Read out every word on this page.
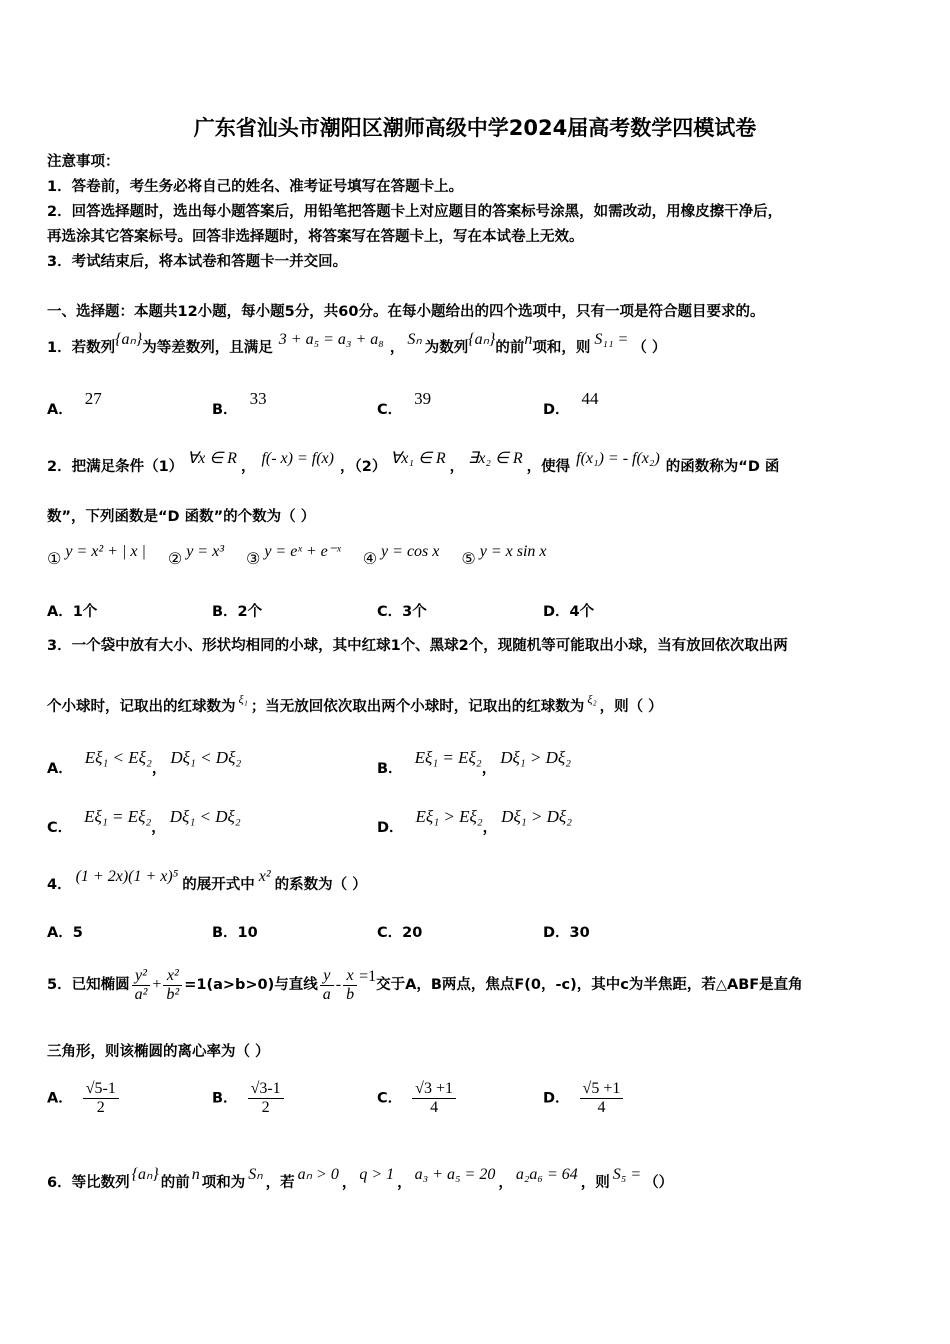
广东省汕头市潮阳区潮师高级中学2024届高考数学四模试卷
注意事项：
1．答卷前，考生务必将自己的姓名、准考证号填写在答题卡上。
2．回答选择题时，选出每小题答案后，用铅笔把答题卡上对应题目的答案标号涂黑，如需改动，用橡皮擦干净后，
再选涂其它答案标号。回答非选择题时，将答案写在答题卡上，写在本试卷上无效。
3．考试结束后，将本试卷和答题卡一并交回。
一、选择题：本题共12小题，每小题5分，共60分。在每小题给出的四个选项中，只有一项是符合题目要求的。
1．若数列{aₙ}为等差数列，且满足 3 + a₅ = a₃ + a₈ ， Sₙ 为数列{aₙ}的前n项和，则 S₁₁ = （ ）
A．27
B．33
C．39
D．44
2．把满足条件（1） ∀x ∈ R ， f(- x) = f(x) ，（2） ∀x₁ ∈ R ， ∃x₂ ∈ R ，使得 f(x₁) = - f(x₂) 的函数称为“D 函
数”，下列函数是“D 函数”的个数为（ ）
① y = x² + | x | ② y = x³ ③ y = eˣ + e⁻ˣ ④ y = cos x ⑤ y = x sin x
A．1个	B．2个	C．3个	D．4个
3．一个袋中放有大小、形状均相同的小球，其中红球1个、黑球2个，现随机等可能取出小球，当有放回依次取出两
个小球时，记取出的红球数为 $^{\xi_1}$ ；当无放回依次取出两个小球时，记取出的红球数为 $^{\xi_2}$ ，则（ ）
A．Eξ₁ < Eξ₂，Dξ₁ < Dξ₂
B．Eξ₁ = Eξ₂，Dξ₁ > Dξ₂
C．Eξ₁ = Eξ₂，Dξ₁ < Dξ₂
D．Eξ₁ > Eξ₂，Dξ₁ > Dξ₂
4． (1 + 2x)(1 + x)⁵ 的展开式中 x² 的系数为（ ）
A．5	B．10	C．20	D．30
5．已知椭圆 $\frac{\text{y²}}{\text{a²}} + \frac{\text{x²}}{\text{b²}} =1(a>b>0)$与直线 $\frac{y}{a} - \frac{x}{b} =1$交于A，B两点，焦点F(0，-c)，其中c为半焦距，若△ABF是直角
三角形，则该椭圆的离心率为（ ）
A． $\frac{√5-1}{2}$	B． $\frac{√3-1}{2}$	C． $\frac{√3 +1}{4}$	D． $\frac{√5 +1}{4}$
6．等比数列 {aₙ} 的前 n 项和为 Sₙ ，若 aₙ > 0 ， q > 1 ， a₃ + a₅ = 20 ， a₂a₆ = 64 ，则 S₅ = （）
